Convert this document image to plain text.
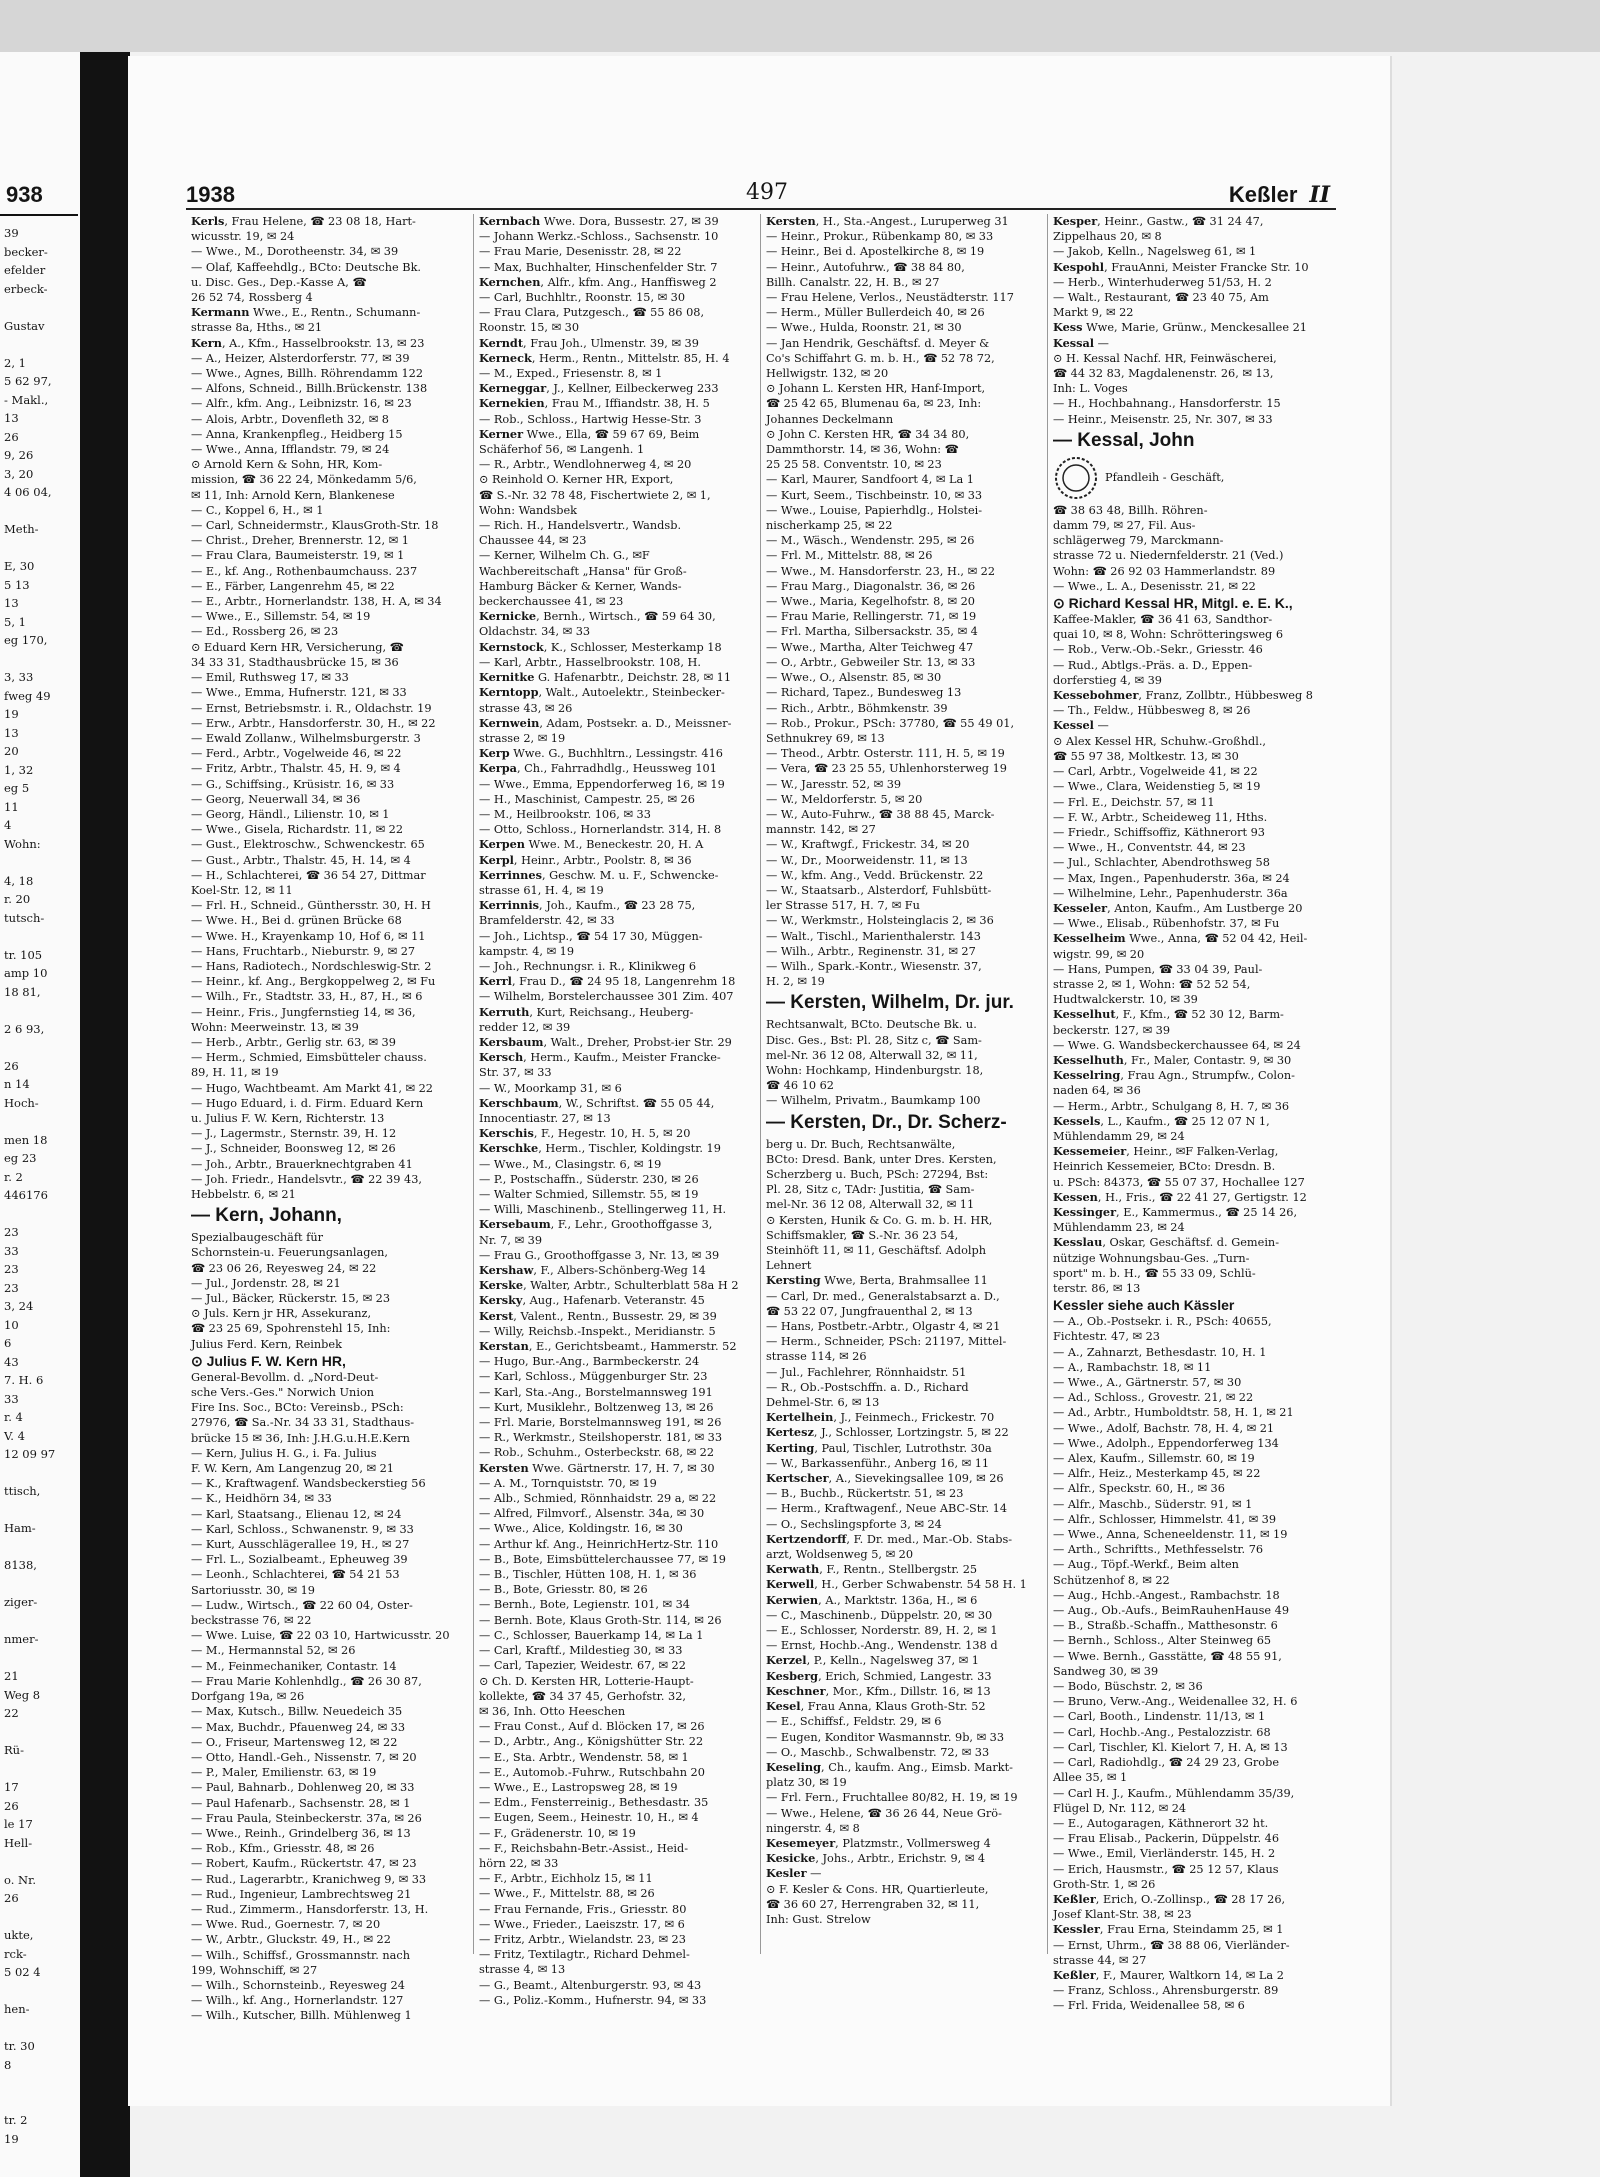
938
39
becker-
efelder
erbeck-

Gustav

2, 1
5 62 97,
- Makl.,
13
26
9, 26
3, 20
4 06 04,

Meth-

E, 30
5 13
13
5, 1
eg 170,

3, 33
fweg 49
19
13
20
1, 32
eg 5
11
4
Wohn:

4, 18
r. 20
tutsch-

tr. 105
amp 10
18 81,

2 6 93,

26
n 14
Hoch-

men 18
eg 23
r. 2
446176

23
33
23
23
3, 24
10
6
43
7. H. 6
33
r. 4
V. 4
12 09 97

ttisch,

Ham-

8138,

ziger-

nmer-

21
Weg 8
22

Rü-

17
26
le 17
Hell-

o. Nr.
26

ukte,
rck-
5 02 4

hen-

tr. 30
8

tr. 2
19
1938	497	Keßler II
Kerls, Frau Helene, ☎ 23 08 18, Hart-
wicusstr. 19, ✉ 24
— Wwe., M., Dorotheenstr. 34, ✉ 39
— Olaf, Kaffeehdlg., BCto: Deutsche Bk.
u. Disc. Ges., Dep.-Kasse A, ☎
26 52 74, Rossberg 4
Kermann Wwe., E., Rentn., Schumann-
strasse 8a, Hths., ✉ 21
Kern, A., Kfm., Hasselbrookstr. 13, ✉ 23
— A., Heizer, Alsterdorferstr. 77, ✉ 39
— Wwe., Agnes, Billh. Röhrendamm 122
— Alfons, Schneid., Billh.Brückenstr. 138
— Alfr., kfm. Ang., Leibnizstr. 16, ✉ 23
— Alois, Arbtr., Dovenfleth 32, ✉ 8
— Anna, Krankenpfleg., Heidberg 15
— Wwe., Anna, Ifflandstr. 79, ✉ 24
⊙ Arnold Kern & Sohn, HR, Kom-
mission, ☎ 36 22 24, Mönkedamm 5/6,
✉ 11, Inh: Arnold Kern, Blankenese
— C., Koppel 6, H., ✉ 1
— Carl, Schneidermstr., KlausGroth-Str. 18
— Christ., Dreher, Brennerstr. 12, ✉ 1
— Frau Clara, Baumeisterstr. 19, ✉ 1
— E., kf. Ang., Rothenbaumchauss. 237
— E., Färber, Langenrehm 45, ✉ 22
— E., Arbtr., Hornerlandstr. 138, H. A, ✉ 34
— Wwe., E., Sillemstr. 54, ✉ 19
— Ed., Rossberg 26, ✉ 23
⊙ Eduard Kern HR, Versicherung, ☎
34 33 31, Stadthausbrücke 15, ✉ 36
— Emil, Ruthsweg 17, ✉ 33
— Wwe., Emma, Hufnerstr. 121, ✉ 33
— Ernst, Betriebsmstr. i. R., Oldachstr. 19
— Erw., Arbtr., Hansdorferstr. 30, H., ✉ 22
— Ewald Zollanw., Wilhelmsburgerstr. 3
— Ferd., Arbtr., Vogelweide 46, ✉ 22
— Fritz, Arbtr., Thalstr. 45, H. 9, ✉ 4
— G., Schiffsing., Krüsistr. 16, ✉ 33
— Georg, Neuerwall 34, ✉ 36
— Georg, Händl., Lilienstr. 10, ✉ 1
— Wwe., Gisela, Richardstr. 11, ✉ 22
— Gust., Elektroschw., Schwenckestr. 65
— Gust., Arbtr., Thalstr. 45, H. 14, ✉ 4
— H., Schlachterei, ☎ 36 54 27, Dittmar
Koel-Str. 12, ✉ 11
— Frl. H., Schneid., Günthersstr. 30, H. H
— Wwe. H., Bei d. grünen Brücke 68
— Wwe. H., Krayenkamp 10, Hof 6, ✉ 11
— Hans, Fruchtarb., Nieburstr. 9, ✉ 27
— Hans, Radiotech., Nordschleswig-Str. 2
— Heinr., kf. Ang., Bergkoppelweg 2, ✉ Fu
— Wilh., Fr., Stadtstr. 33, H., 87, H., ✉ 6
— Heinr., Fris., Jungfernstieg 14, ✉ 36,
Wohn: Meerweinstr. 13, ✉ 39
— Herb., Arbtr., Gerlig str. 63, ✉ 39
— Herm., Schmied, Eimsbütteler chauss.
89, H. 11, ✉ 19
— Hugo, Wachtbeamt. Am Markt 41, ✉ 22
— Hugo Eduard, i. d. Firm. Eduard Kern
u. Julius F. W. Kern, Richterstr. 13
— J., Lagermstr., Sternstr. 39, H. 12
— J., Schneider, Boonsweg 12, ✉ 26
— Joh., Arbtr., Brauerknechtgraben 41
— Joh. Friedr., Handelsvtr., ☎ 22 39 43,
Hebbelstr. 6, ✉ 21
— Kern, Johann,
Spezialbaugeschäft für
Schornstein-u. Feuerungsanlagen,
☎ 23 06 26, Reyesweg 24, ✉ 22
— Jul., Jordenstr. 28, ✉ 21
— Jul., Bäcker, Rückerstr. 15, ✉ 23
⊙ Juls. Kern jr HR, Assekuranz,
☎ 23 25 69, Spohrenstehl 15, Inh:
Julius Ferd. Kern, Reinbek
⊙ Julius F. W. Kern HR,
General-Bevollm. d. „Nord-Deut-
sche Vers.-Ges." Norwich Union
Fire Ins. Soc., BCto: Vereinsb., PSch:
27976, ☎ Sa.-Nr. 34 33 31, Stadthaus-
brücke 15 ✉ 36, Inh: J.H.G.u.H.E.Kern
— Kern, Julius H. G., i. Fa. Julius
F. W. Kern, Am Langenzug 20, ✉ 21
— K., Kraftwagenf. Wandsbeckerstieg 56
— K., Heidhörn 34, ✉ 33
— Karl, Staatsang., Elienau 12, ✉ 24
— Karl, Schloss., Schwanenstr. 9, ✉ 33
— Kurt, Ausschlägerallee 19, H., ✉ 27
— Frl. L., Sozialbeamt., Epheuweg 39
— Leonh., Schlachterei, ☎ 54 21 53
Sartoriusstr. 30, ✉ 19
— Ludw., Wirtsch., ☎ 22 60 04, Oster-
beckstrasse 76, ✉ 22
— Wwe. Luise, ☎ 22 03 10, Hartwicusstr. 20
— M., Hermannstal 52, ✉ 26
— M., Feinmechaniker, Contastr. 14
— Frau Marie Kohlenhdlg., ☎ 26 30 87,
Dorfgang 19a, ✉ 26
— Max, Kutsch., Billw. Neuedeich 35
— Max, Buchdr., Pfauenweg 24, ✉ 33
— O., Friseur, Martensweg 12, ✉ 22
— Otto, Handl.-Geh., Nissenstr. 7, ✉ 20
— P., Maler, Emilienstr. 63, ✉ 19
— Paul, Bahnarb., Dohlenweg 20, ✉ 33
— Paul Hafenarb., Sachsenstr. 28, ✉ 1
— Frau Paula, Steinbeckerstr. 37a, ✉ 26
— Wwe., Reinh., Grindelberg 36, ✉ 13
— Rob., Kfm., Griesstr. 48, ✉ 26
— Robert, Kaufm., Rückertstr. 47, ✉ 23
— Rud., Lagerarbtr., Kranichweg 9, ✉ 33
— Rud., Ingenieur, Lambrechtsweg 21
— Rud., Zimmerm., Hansdorferstr. 13, H.
— Wwe. Rud., Goernestr. 7, ✉ 20
— W., Arbtr., Gluckstr. 49, H., ✉ 22
— Wilh., Schiffsf., Grossmannstr. nach
199, Wohnschiff, ✉ 27
— Wilh., Schornsteinb., Reyesweg 24
— Wilh., kf. Ang., Hornerlandstr. 127
— Wilh., Kutscher, Billh. Mühlenweg 1
Kernbach Wwe. Dora, Bussestr. 27, ✉ 39
— Johann Werkz.-Schloss., Sachsenstr. 10
— Frau Marie, Desenisstr. 28, ✉ 22
— Max, Buchhalter, Hinschenfelder Str. 7
Kernchen, Alfr., kfm. Ang., Hanffisweg 2
— Carl, Buchhltr., Roonstr. 15, ✉ 30
— Frau Clara, Putzgesch., ☎ 55 86 08,
Roonstr. 15, ✉ 30
Kerndt, Frau Joh., Ulmenstr. 39, ✉ 39
Kerneck, Herm., Rentn., Mittelstr. 85, H. 4
— M., Exped., Friesenstr. 8, ✉ 1
Kerneggar, J., Kellner, Eilbeckerweg 233
Kernekien, Frau M., Iffiandstr. 38, H. 5
— Rob., Schloss., Hartwig Hesse-Str. 3
Kerner Wwe., Ella, ☎ 59 67 69, Beim
Schäferhof 56, ✉ Langenh. 1
— R., Arbtr., Wendlohnerweg 4, ✉ 20
⊙ Reinhold O. Kerner HR, Export,
☎ S.-Nr. 32 78 48, Fischertwiete 2, ✉ 1,
Wohn: Wandsbek
— Rich. H., Handelsvertr., Wandsb.
Chaussee 44, ✉ 23
— Kerner, Wilhelm Ch. G., ✉F
Wachbereitschaft „Hansa" für Groß-
Hamburg Bäcker & Kerner, Wands-
beckerchaussee 41, ✉ 23
Kernicke, Bernh., Wirtsch., ☎ 59 64 30,
Oldachstr. 34, ✉ 33
Kernstock, K., Schlosser, Mesterkamp 18
— Karl, Arbtr., Hasselbrookstr. 108, H.
Kernitke G. Hafenarbtr., Deichstr. 28, ✉ 11
Kerntopp, Walt., Autoelektr., Steinbecker-
strasse 43, ✉ 26
Kernwein, Adam, Postsekr. a. D., Meissner-
strasse 2, ✉ 19
Kerp Wwe. G., Buchhltrn., Lessingstr. 416
Kerpa, Ch., Fahrradhdlg., Heussweg 101
— Wwe., Emma, Eppendorferweg 16, ✉ 19
— H., Maschinist, Campestr. 25, ✉ 26
— M., Heilbrookstr. 106, ✉ 33
— Otto, Schloss., Hornerlandstr. 314, H. 8
Kerpen Wwe. M., Beneckestr. 20, H. A
Kerpl, Heinr., Arbtr., Poolstr. 8, ✉ 36
Kerrinnes, Geschw. M. u. F., Schwencke-
strasse 61, H. 4, ✉ 19
Kerrinnis, Joh., Kaufm., ☎ 23 28 75,
Bramfelderstr. 42, ✉ 33
— Joh., Lichtsp., ☎ 54 17 30, Müggen-
kampstr. 4, ✉ 19
— Joh., Rechnungsr. i. R., Klinikweg 6
Kerrl, Frau D., ☎ 24 95 18, Langenrehm 18
— Wilhelm, Borstelerchaussee 301 Zim. 407
Kerruth, Kurt, Reichsang., Heuberg-
redder 12, ✉ 39
Kersbaum, Walt., Dreher, Probst-ier Str. 29
Kersch, Herm., Kaufm., Meister Francke-
Str. 37, ✉ 33
— W., Moorkamp 31, ✉ 6
Kerschbaum, W., Schriftst. ☎ 55 05 44,
Innocentiastr. 27, ✉ 13
Kerschis, F., Hegestr. 10, H. 5, ✉ 20
Kerschke, Herm., Tischler, Koldingstr. 19
— Wwe., M., Clasingstr. 6, ✉ 19
— P., Postschaffn., Süderstr. 230, ✉ 26
— Walter Schmied, Sillemstr. 55, ✉ 19
— Willi, Maschinenb., Stellingerweg 11, H.
Kersebaum, F., Lehr., Groothoffgasse 3,
Nr. 7, ✉ 39
— Frau G., Groothoffgasse 3, Nr. 13, ✉ 39
Kershaw, F., Albers-Schönberg-Weg 14
Kerske, Walter, Arbtr., Schulterblatt 58a H 2
Kersky, Aug., Hafenarb. Veteranstr. 45
Kerst, Valent., Rentn., Bussestr. 29, ✉ 39
— Willy, Reichsb.-Inspekt., Meridianstr. 5
Kerstan, E., Gerichtsbeamt., Hammerstr. 52
— Hugo, Bur.-Ang., Barmbeckerstr. 24
— Karl, Schloss., Müggenburger Str. 23
— Karl, Sta.-Ang., Borstelmannsweg 191
— Kurt, Musiklehr., Boltzenweg 13, ✉ 26
— Frl. Marie, Borstelmannsweg 191, ✉ 26
— R., Werkmstr., Steilshoperstr. 181, ✉ 33
— Rob., Schuhm., Osterbeckstr. 68, ✉ 22
Kersten Wwe. Gärtnerstr. 17, H. 7, ✉ 30
— A. M., Tornquiststr. 70, ✉ 19
— Alb., Schmied, Rönnhaidstr. 29 a, ✉ 22
— Alfred, Filmvorf., Alsenstr. 34a, ✉ 30
— Wwe., Alice, Koldingstr. 16, ✉ 30
— Arthur kf. Ang., HeinrichHertz-Str. 110
— B., Bote, Eimsbüttelerchaussee 77, ✉ 19
— B., Tischler, Hütten 108, H. 1, ✉ 36
— B., Bote, Griesstr. 80, ✉ 26
— Bernh., Bote, Legienstr. 101, ✉ 34
— Bernh. Bote, Klaus Groth-Str. 114, ✉ 26
— C., Schlosser, Bauerkamp 14, ✉ La 1
— Carl, Kraftf., Mildestieg 30, ✉ 33
— Carl, Tapezier, Weidestr. 67, ✉ 22
⊙ Ch. D. Kersten HR, Lotterie-Haupt-
kollekte, ☎ 34 37 45, Gerhofstr. 32,
✉ 36, Inh. Otto Heeschen
— Frau Const., Auf d. Blöcken 17, ✉ 26
— D., Arbtr., Ang., Königshütter Str. 22
— E., Sta. Arbtr., Wendenstr. 58, ✉ 1
— E., Automob.-Fuhrw., Rutschbahn 20
— Wwe., E., Lastropsweg 28, ✉ 19
— Edm., Fensterreinig., Bethesdastr. 35
— Eugen, Seem., Heinestr. 10, H., ✉ 4
— F., Grädenerstr. 10, ✉ 19
— F., Reichsbahn-Betr.-Assist., Heid-
hörn 22, ✉ 33
— F., Arbtr., Eichholz 15, ✉ 11
— Wwe., F., Mittelstr. 88, ✉ 26
— Frau Fernande, Fris., Griesstr. 80
— Wwe., Frieder., Laeiszstr. 17, ✉ 6
— Fritz, Arbtr., Wielandstr. 23, ✉ 23
— Fritz, Textilagtr., Richard Dehmel-
strasse 4, ✉ 13
— G., Beamt., Altenburgerstr. 93, ✉ 43
— G., Poliz.-Komm., Hufnerstr. 94, ✉ 33
Kersten, H., Sta.-Angest., Luruperweg 31
— Heinr., Prokur., Rübenkamp 80, ✉ 33
— Heinr., Bei d. Apostelkirche 8, ✉ 19
— Heinr., Autofuhrw., ☎ 38 84 80,
Billh. Canalstr. 22, H. B., ✉ 27
— Frau Helene, Verlos., Neustädterstr. 117
— Herm., Müller Bullerdeich 40, ✉ 26
— Wwe., Hulda, Roonstr. 21, ✉ 30
— Jan Hendrik, Geschäftsf. d. Meyer &
Co's Schiffahrt G. m. b. H., ☎ 52 78 72,
Hellwigstr. 132, ✉ 20
⊙ Johann L. Kersten HR, Hanf-Import,
☎ 25 42 65, Blumenau 6a, ✉ 23, Inh:
Johannes Deckelmann
⊙ John C. Kersten HR, ☎ 34 34 80,
Dammthorstr. 14, ✉ 36, Wohn: ☎
25 25 58. Conventstr. 10, ✉ 23
— Karl, Maurer, Sandfoort 4, ✉ La 1
— Kurt, Seem., Tischbeinstr. 10, ✉ 33
— Wwe., Louise, Papierhdlg., Holstei-
nischerkamp 25, ✉ 22
— M., Wäsch., Wendenstr. 295, ✉ 26
— Frl. M., Mittelstr. 88, ✉ 26
— Wwe., M. Hansdorferstr. 23, H., ✉ 22
— Frau Marg., Diagonalstr. 36, ✉ 26
— Wwe., Maria, Kegelhofstr. 8, ✉ 20
— Frau Marie, Rellingerstr. 71, ✉ 19
— Frl. Martha, Silbersackstr. 35, ✉ 4
— Wwe., Martha, Alter Teichweg 47
— O., Arbtr., Gebweiler Str. 13, ✉ 33
— Wwe., O., Alsenstr. 85, ✉ 30
— Richard, Tapez., Bundesweg 13
— Rich., Arbtr., Böhmkenstr. 39
— Rob., Prokur., PSch: 37780, ☎ 55 49 01,
Sethnukrey 69, ✉ 13
— Theod., Arbtr. Osterstr. 111, H. 5, ✉ 19
— Vera, ☎ 23 25 55, Uhlenhorsterweg 19
— W., Jaresstr. 52, ✉ 39
— W., Meldorferstr. 5, ✉ 20
— W., Auto-Fuhrw., ☎ 38 88 45, Marck-
mannstr. 142, ✉ 27
— W., Kraftwgf., Frickestr. 34, ✉ 20
— W., Dr., Moorweidenstr. 11, ✉ 13
— W., kfm. Ang., Vedd. Brückenstr. 22
— W., Staatsarb., Alsterdorf, Fuhlsbütt-
ler Strasse 517, H. 7, ✉ Fu
— W., Werkmstr., Holsteinglacis 2, ✉ 36
— Walt., Tischl., Marienthalerstr. 143
— Wilh., Arbtr., Reginenstr. 31, ✉ 27
— Wilh., Spark.-Kontr., Wiesenstr. 37,
H. 2, ✉ 19
— Kersten, Wilhelm, Dr. jur.
Rechtsanwalt, BCto. Deutsche Bk. u.
Disc. Ges., Bst: Pl. 28, Sitz c, ☎ Sam-
mel-Nr. 36 12 08, Alterwall 32, ✉ 11,
Wohn: Hochkamp, Hindenburgstr. 18,
☎ 46 10 62
— Wilhelm, Privatm., Baumkamp 100
— Kersten, Dr., Dr. Scherz-
berg u. Dr. Buch, Rechtsanwälte,
BCto: Dresd. Bank, unter Dres. Kersten,
Scherzberg u. Buch, PSch: 27294, Bst:
Pl. 28, Sitz c, TAdr: Justitia, ☎ Sam-
mel-Nr. 36 12 08, Alterwall 32, ✉ 11
⊙ Kersten, Hunik & Co. G. m. b. H. HR,
Schiffsmakler, ☎ S.-Nr. 36 23 54,
Steinhöft 11, ✉ 11, Geschäftsf. Adolph
Lehnert
Kersting Wwe, Berta, Brahmsallee 11
— Carl, Dr. med., Generalstabsarzt a. D.,
☎ 53 22 07, Jungfrauenthal 2, ✉ 13
— Hans, Postbetr.-Arbtr., Olgastr 4, ✉ 21
— Herm., Schneider, PSch: 21197, Mittel-
strasse 114, ✉ 26
— Jul., Fachlehrer, Rönnhaidstr. 51
— R., Ob.-Postschffn. a. D., Richard
Dehmel-Str. 6, ✉ 13
Kertelhein, J., Feinmech., Frickestr. 70
Kertesz, J., Schlosser, Lortzingstr. 5, ✉ 22
Kerting, Paul, Tischler, Lutrothstr. 30a
— W., Barkassenführ., Anberg 16, ✉ 11
Kertscher, A., Sievekingsallee 109, ✉ 26
— B., Buchb., Rückertstr. 51, ✉ 23
— Herm., Kraftwagenf., Neue ABC-Str. 14
— O., Sechslingspforte 3, ✉ 24
Kertzendorff, F. Dr. med., Mar.-Ob. Stabs-
arzt, Woldsenweg 5, ✉ 20
Kerwath, F., Rentn., Stellbergstr. 25
Kerwell, H., Gerber Schwabenstr. 54 58 H. 1
Kerwien, A., Marktstr. 136a, H., ✉ 6
— C., Maschinenb., Düppelstr. 20, ✉ 30
— E., Schlosser, Norderstr. 89, H. 2, ✉ 1
— Ernst, Hochb.-Ang., Wendenstr. 138 d
Kerzel, P., Kelln., Nagelsweg 37, ✉ 1
Kesberg, Erich, Schmied, Langestr. 33
Keschner, Mor., Kfm., Dillstr. 16, ✉ 13
Kesel, Frau Anna, Klaus Groth-Str. 52
— E., Schiffsf., Feldstr. 29, ✉ 6
— Eugen, Konditor Wasmannstr. 9b, ✉ 33
— O., Maschb., Schwalbenstr. 72, ✉ 33
Keseling, Ch., kaufm. Ang., Eimsb. Markt-
platz 30, ✉ 19
— Frl. Fern., Fruchtallee 80/82, H. 19, ✉ 19
— Wwe., Helene, ☎ 36 26 44, Neue Grö-
ningerstr. 4, ✉ 8
Kesemeyer, Platzmstr., Vollmersweg 4
Kesicke, Johs., Arbtr., Erichstr. 9, ✉ 4
Kesler —
⊙ F. Kesler & Cons. HR, Quartierleute,
☎ 36 60 27, Herrengraben 32, ✉ 11,
Inh: Gust. Strelow
Kesper, Heinr., Gastw., ☎ 31 24 47,
Zippelhaus 20, ✉ 8
— Jakob, Kelln., Nagelsweg 61, ✉ 1
Kespohl, FrauAnni, Meister Francke Str. 10
— Herb., Winterhuderweg 51/53, H. 2
— Walt., Restaurant, ☎ 23 40 75, Am
Markt 9, ✉ 22
Kess Wwe, Marie, Grünw., Menckesallee 21
Kessal —
⊙ H. Kessal Nachf. HR, Feinwäscherei,
☎ 44 32 83, Magdalenenstr. 26, ✉ 13,
Inh: L. Voges
— H., Hochbahnang., Hansdorferstr. 15
— Heinr., Meisenstr. 25, Nr. 307, ✉ 33
— Kessal, John
Pfandleih - Geschäft,
☎ 38 63 48, Billh. Röhren-
damm 79, ✉ 27, Fil. Aus-
schlägerweg 79, Marckmann-
strasse 72 u. Niedernfelderstr. 21 (Ved.)
Wohn: ☎ 26 92 03 Hammerlandstr. 89
— Wwe., L. A., Desenisstr. 21, ✉ 22
⊙ Richard Kessal HR, Mitgl. e. E. K.,
Kaffee-Makler, ☎ 36 41 63, Sandthor-
quai 10, ✉ 8, Wohn: Schrötteringsweg 6
— Rob., Verw.-Ob.-Sekr., Griesstr. 46
— Rud., Abtlgs.-Präs. a. D., Eppen-
dorferstieg 4, ✉ 39
Kessebohmer, Franz, Zollbtr., Hübbesweg 8
— Th., Feldw., Hübbesweg 8, ✉ 26
Kessel —
⊙ Alex Kessel HR, Schuhw.-Großhdl.,
☎ 55 97 38, Moltkestr. 13, ✉ 30
— Carl, Arbtr., Vogelweide 41, ✉ 22
— Wwe., Clara, Weidenstieg 5, ✉ 19
— Frl. E., Deichstr. 57, ✉ 11
— F. W., Arbtr., Scheideweg 11, Hths.
— Friedr., Schiffsoffiz, Käthnerort 93
— Wwe., H., Conventstr. 44, ✉ 23
— Jul., Schlachter, Abendrothsweg 58
— Max, Ingen., Papenhuderstr. 36a, ✉ 24
— Wilhelmine, Lehr., Papenhuderstr. 36a
Kesseler, Anton, Kaufm., Am Lustberge 20
— Wwe., Elisab., Rübenhofstr. 37, ✉ Fu
Kesselheim Wwe., Anna, ☎ 52 04 42, Heil-
wigstr. 99, ✉ 20
— Hans, Pumpen, ☎ 33 04 39, Paul-
strasse 2, ✉ 1, Wohn: ☎ 52 52 54,
Hudtwalckerstr. 10, ✉ 39
Kesselhut, F., Kfm., ☎ 52 30 12, Barm-
beckerstr. 127, ✉ 39
— Wwe. G. Wandsbeckerchaussee 64, ✉ 24
Kesselhuth, Fr., Maler, Contastr. 9, ✉ 30
Kesselring, Frau Agn., Strumpfw., Colon-
naden 64, ✉ 36
— Herm., Arbtr., Schulgang 8, H. 7, ✉ 36
Kessels, L., Kaufm., ☎ 25 12 07 N 1,
Mühlendamm 29, ✉ 24
Kessemeier, Heinr., ✉F Falken-Verlag,
Heinrich Kessemeier, BCto: Dresdn. B.
u. PSch: 84373, ☎ 55 07 37, Hochallee 127
Kessen, H., Fris., ☎ 22 41 27, Gertigstr. 12
Kessinger, E., Kammermus., ☎ 25 14 26,
Mühlendamm 23, ✉ 24
Kesslau, Oskar, Geschäftsf. d. Gemein-
nützige Wohnungsbau-Ges. „Turn-
sport" m. b. H., ☎ 55 33 09, Schlü-
terstr. 86, ✉ 13
Kessler siehe auch Kässler
— A., Ob.-Postsekr. i. R., PSch: 40655,
Fichtestr. 47, ✉ 23
— A., Zahnarzt, Bethesdastr. 10, H. 1
— A., Rambachstr. 18, ✉ 11
— Wwe., A., Gärtnerstr. 57, ✉ 30
— Ad., Schloss., Grovestr. 21, ✉ 22
— Ad., Arbtr., Humboldtstr. 58, H. 1, ✉ 21
— Wwe., Adolf, Bachstr. 78, H. 4, ✉ 21
— Wwe., Adolph., Eppendorferweg 134
— Alex, Kaufm., Sillemstr. 60, ✉ 19
— Alfr., Heiz., Mesterkamp 45, ✉ 22
— Alfr., Speckstr. 60, H., ✉ 36
— Alfr., Maschb., Süderstr. 91, ✉ 1
— Alfr., Schlosser, Himmelstr. 41, ✉ 39
— Wwe., Anna, Scheneeldenstr. 11, ✉ 19
— Arth., Schriftts., Methfesselstr. 76
— Aug., Töpf.-Werkf., Beim alten
Schützenhof 8, ✉ 22
— Aug., Hchb.-Angest., Rambachstr. 18
— Aug., Ob.-Aufs., BeimRauhenHause 49
— B., Straßb.-Schaffn., Matthesonstr. 6
— Bernh., Schloss., Alter Steinweg 65
— Wwe. Bernh., Gasstätte, ☎ 48 55 91,
Sandweg 30, ✉ 39
— Bodo, Büschstr. 2, ✉ 36
— Bruno, Verw.-Ang., Weidenallee 32, H. 6
— Carl, Booth., Lindenstr. 11/13, ✉ 1
— Carl, Hochb.-Ang., Pestalozzistr. 68
— Carl, Tischler, Kl. Kielort 7, H. A, ✉ 13
— Carl, Radiohdlg., ☎ 24 29 23, Grobe
Allee 35, ✉ 1
— Carl H. J., Kaufm., Mühlendamm 35/39,
Flügel D, Nr. 112, ✉ 24
— E., Autogaragen, Käthnerort 32 ht.
— Frau Elisab., Packerin, Düppelstr. 46
— Wwe., Emil, Vierländerstr. 145, H. 2
— Erich, Hausmstr., ☎ 25 12 57, Klaus
Groth-Str. 1, ✉ 26
Keßler, Erich, O.-Zollinsp., ☎ 28 17 26,
Josef Klant-Str. 38, ✉ 23
Kessler, Frau Erna, Steindamm 25, ✉ 1
— Ernst, Uhrm., ☎ 38 88 06, Vierländer-
strasse 44, ✉ 27
Keßler, F., Maurer, Waltkorn 14, ✉ La 2
— Franz, Schloss., Ahrensburgerstr. 89
— Frl. Frida, Weidenallee 58, ✉ 6
